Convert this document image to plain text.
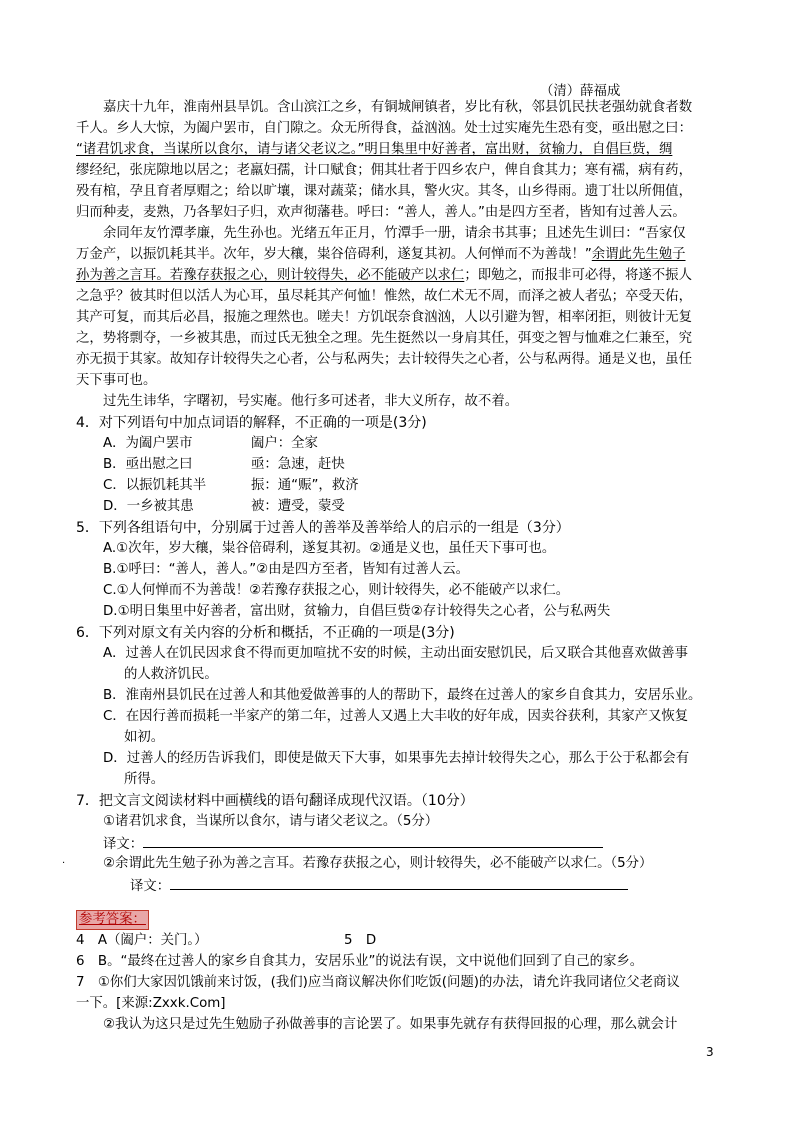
（清）薛福成
嘉庆十九年，淮南州县旱饥。含山滨江之乡，有铜城闸镇者，岁比有秋，邻县饥民扶老强幼就食者数
千人。乡人大惊，为阖户罢市，自门隙之。众无所得食，益汹汹。处士过实庵先生恐有变，亟出慰之曰：
“诸君饥求食，当谋所以食尔，请与诸父老议之。”明日集里中好善者，富出财，贫输力，自倡巨赀，绸
缪经纪，张庑隙地以居之；老羸妇孺，计口赋食；佣其壮者于四乡农户，俾自食其力；寒有襦，病有药，
殁有棺，孕且育者厚赗之；给以旷壤，课对蔬菜；储水具，警火灾。其冬，山乡得雨。遗丁壮以所佣值，
归而种麦，麦熟，乃各挈妇子归，欢声彻藩巷。呼曰：“善人，善人。”由是四方至者，皆知有过善人云。
余同年友竹潭孝廉，先生孙也。光绪五年正月，竹潭手一册，请余书其事；且述先生训曰：“吾家仅
万金产，以振饥耗其半。次年，岁大穰，粜谷倍碍利，遂复其初。人何惮而不为善哉！”余谓此先生勉子
孙为善之言耳。若豫存获报之心，则计较得失，必不能破产以求仁；即勉之，而报非可必得，将遂不振人
之急乎？彼其时但以活人为心耳，虽尽耗其产何恤！惟然，故仁术无不周，而泽之被人者弘；卒受天佑，
其产可复，而其后必昌，报施之理然也。嗟夫！方饥氓奈食汹汹，人以引避为智，相率闭拒，则彼计无复
之，势将剽夺，一乡被其患，而过氏无独全之理。先生挺然以一身肩其任，弭变之智与恤难之仁兼至，究
亦无损于其家。故知存计较得失之心者，公与私两失；去计较得失之心者，公与私两得。通是义也，虽任
天下事可也。
过先生讳华，字曙初，号实庵。他行多可述者，非大义所存，故不着。
4．对下列语句中加点词语的解释，不正确的一项是(3分)
A．为阖户罢市	阖户：全家
B．亟出慰之曰	亟：急速，赶快
C．以振饥耗其半	振：通“赈”，救济
D．一乡被其患	被：遭受，蒙受
5．下列各组语句中，分别属于过善人的善举及善举给人的启示的一组是（3分）
A.①次年，岁大穰，粜谷倍碍利，遂复其初。②通是义也，虽任天下事可也。
B.①呼曰：“善人，善人。”②由是四方至者，皆知有过善人云。
C.①人何惮而不为善哉！②若豫存获报之心，则计较得失，必不能破产以求仁。
D.①明日集里中好善者，富出财，贫输力，自倡巨赀②存计较得失之心者，公与私两失
6．下列对原文有关内容的分析和概括，不正确的一项是(3分)
A．过善人在饥民因求食不得而更加喧扰不安的时候，主动出面安慰饥民，后又联合其他喜欢做善事
的人救济饥民。
B．淮南州县饥民在过善人和其他爱做善事的人的帮助下，最终在过善人的家乡自食其力，安居乐业。
C．在因行善而损耗一半家产的第二年，过善人又遇上大丰收的好年成，因卖谷获利，其家产又恢复
如初。
D．过善人的经历告诉我们，即使是做天下大事，如果事先去掉计较得失之心，那么于公于私都会有
所得。
7．把文言文阅读材料中画横线的语句翻译成现代汉语。（10分）
①诸君饥求食，当谋所以食尔，请与诸父老议之。（5分）
译文：
.	②余谓此先生勉子孙为善之言耳。若豫存获报之心，则计较得失，必不能破产以求仁。（5分）
译文：
参考答案：
4　A（阖户：关门。）	5　D
6　B。“最终在过善人的家乡自食其力，安居乐业”的说法有误，文中说他们回到了自己的家乡。
7　①你们大家因饥饿前来讨饭，(我们)应当商议解决你们吃饭(问题)的办法，请允许我同诸位父老商议
一下。[来源:Zxxk.Com]
②我认为这只是过先生勉励子孙做善事的言论罢了。如果事先就存有获得回报的心理，那么就会计
3
